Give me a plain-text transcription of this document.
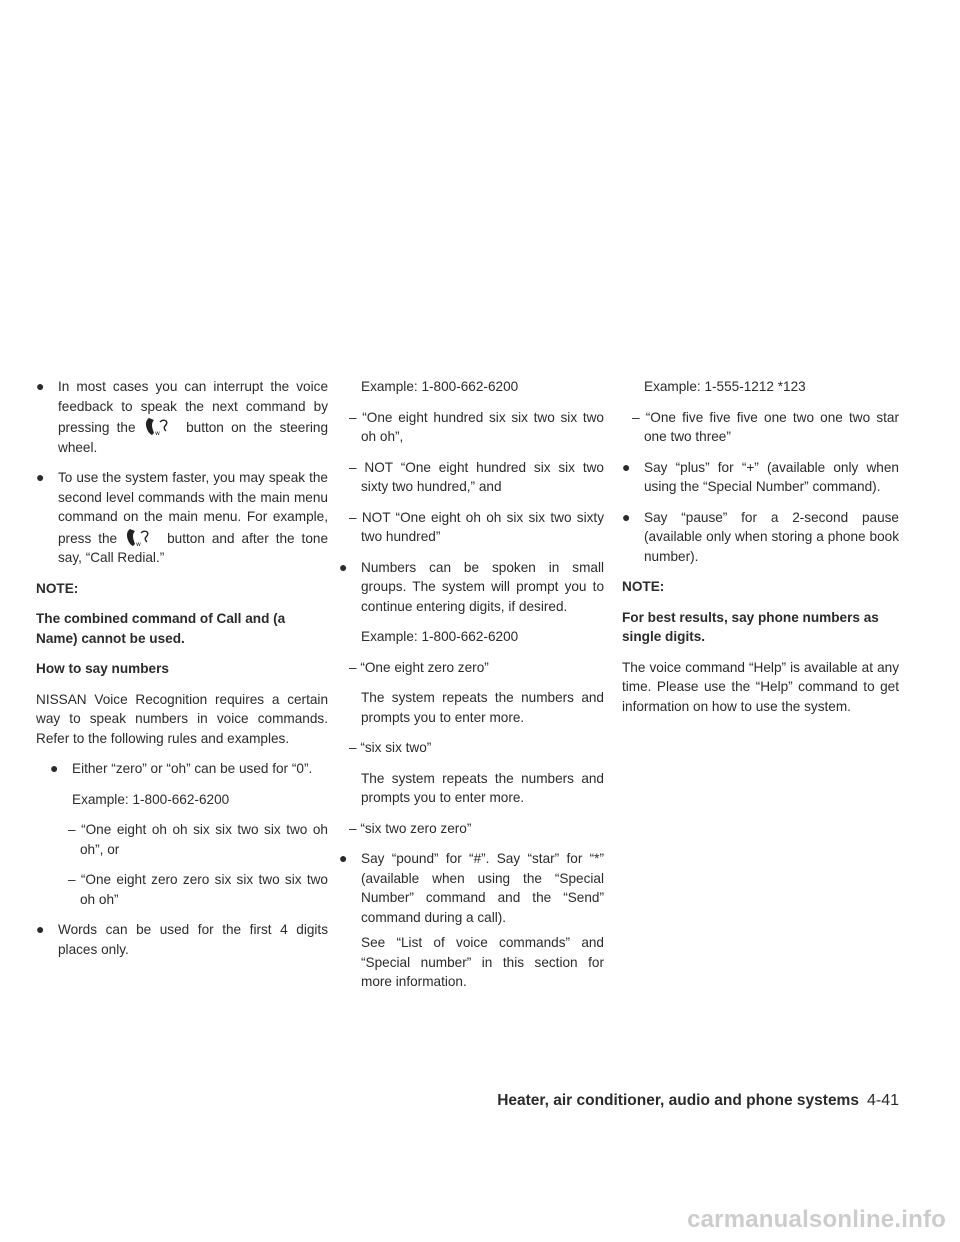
● In most cases you can interrupt the voice feedback to speak the next command by pressing the	w button on the steering wheel.
● To use the system faster, you may speak the second level commands with the main menu command on the main menu. For example, press the	w button and after the tone say, “Call Redial.”

NOTE:

The combined command of Call and (a Name) cannot be used.

How to say numbers

NISSAN Voice Recognition requires a certain way to speak numbers in voice commands. Refer to the following rules and examples.

● Either “zero” or “oh” can be used for “0”.

Example: 1-800-662-6200

– “One eight oh oh six six two six two oh oh”, or

– “One eight zero zero six six two six two oh oh”

● Words can be used for the first 4 digits places only.

Example: 1-800-662-6200

– “One eight hundred six six two six two oh oh”,

– NOT “One eight hundred six six two sixty two hundred,” and

– NOT “One eight oh oh six six two sixty two hundred”

● Numbers can be spoken in small groups. The system will prompt you to continue entering digits, if desired.

Example: 1-800-662-6200

– “One eight zero zero”

The system repeats the numbers and prompts you to enter more.

– “six six two”

The system repeats the numbers and prompts you to enter more.

– “six two zero zero”

● Say “pound” for “#”. Say “star” for “*” (available when using the “Special Number” command and the “Send” command during a call).

See “List of voice commands” and “Special number” in this section for more information.

Example: 1-555-1212 *123

– “One five five five one two one two star one two three”

● Say “plus” for “+” (available only when using the “Special Number” command).
● Say “pause” for a 2-second pause (available only when storing a phone book number).

NOTE:

For best results, say phone numbers as single digits.

The voice command “Help” is available at any time. Please use the “Help” command to get information on how to use the system.

Heater, air conditioner, audio and phone systems 4-41
carmanualsonline.info
